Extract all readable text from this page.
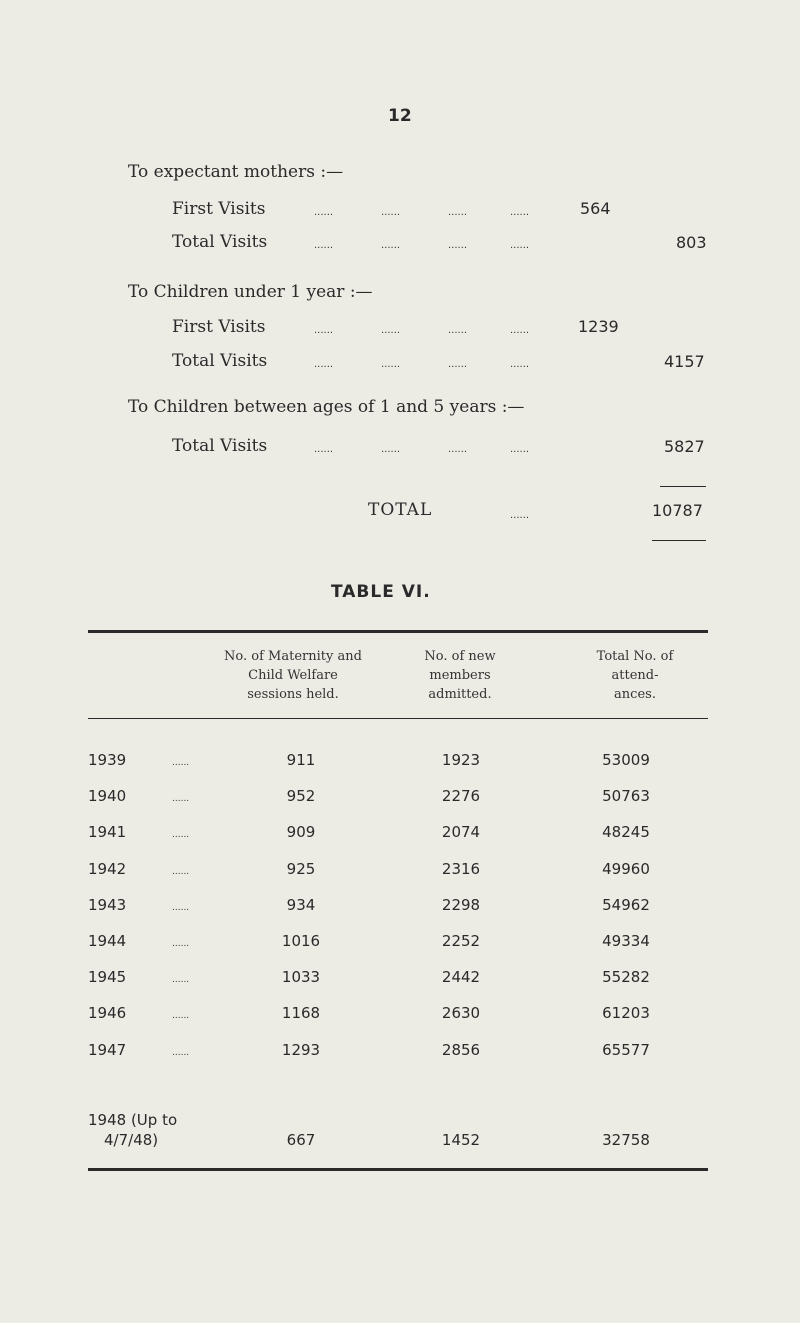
12
To expectant mothers :—
First Visits	......	......	......	......	564
Total Visits	......	......	......	......	803
To Children under 1 year :—
First Visits	......	......	......	......	1239
Total Visits	......	......	......	......	4157
To Children between ages of 1 and 5 years :—
Total Visits	......	......	......	......	5827
TOTAL	......	10787
TABLE VI.
No. of Maternity and
Child Welfare
sessions held.
No. of new
members
admitted.
Total No. of
attend-
ances.
1939	......	911	1923	53009
1940	......	952	2276	50763
1941	......	909	2074	48245
1942	......	925	2316	49960
1943	......	934	2298	54962
1944	......	1016	2252	49334
1945	......	1033	2442	55282
1946	......	1168	2630	61203
1947	......	1293	2856	65577
1948 (Up to
4/7/48)	667	1452	32758
